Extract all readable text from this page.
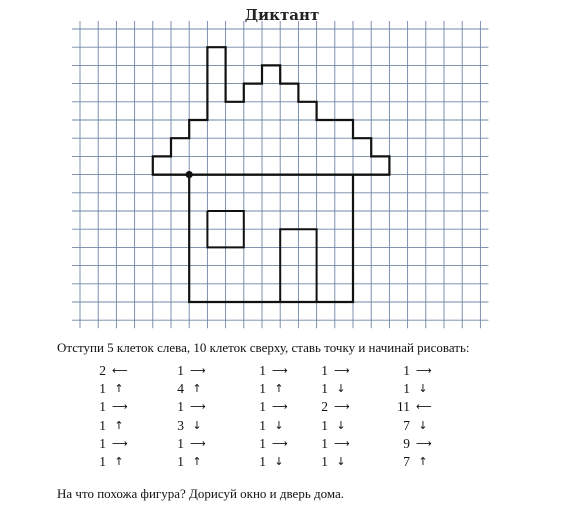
Диктант
Отступи 5 клеток слева, 10 клеток сверху, ставь точку и начинай рисовать:
2 ⟵
1 ↑
1 ⟶
1 ↑
1 ⟶
1 ↑
1 ⟶
4 ↑
1 ⟶
3 ↓
1 ⟶
1 ↑
1 ⟶
1 ↑
1 ⟶
1 ↓
1 ⟶
1 ↓
1 ⟶
1 ↓
2 ⟶
1 ↓
1 ⟶
1 ↓
1 ⟶
1 ↓
11 ⟵
7 ↓
9 ⟶
7 ↑
На что похожа фигура? Дорисуй окно и дверь дома.
